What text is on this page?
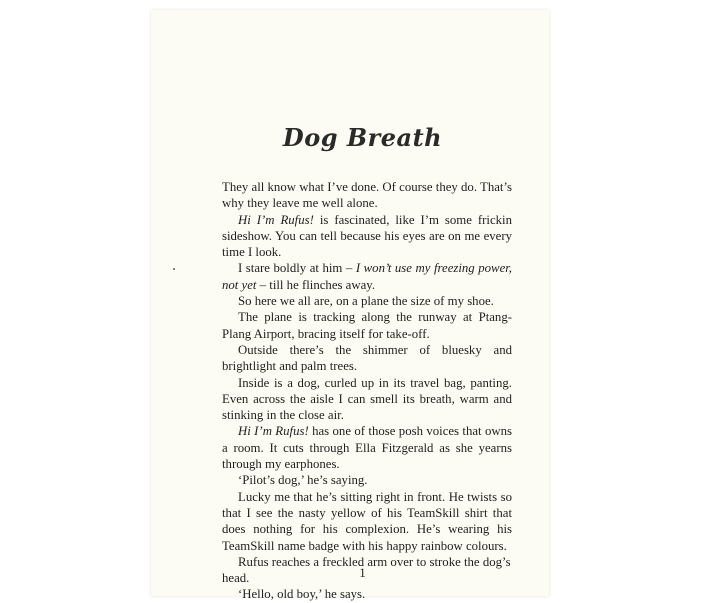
Dog Breath

They all know what I’ve done. Of course they do. That’s why they leave me well alone.

Hi I’m Rufus! is fascinated, like I’m some frickin sideshow. You can tell because his eyes are on me every time I look.

I stare boldly at him – I won’t use my freezing power, not yet – till he flinches away.

So here we all are, on a plane the size of my shoe.

The plane is tracking along the runway at Ptang-Plang Airport, bracing itself for take-off.

Outside there’s the shimmer of bluesky and brightlight and palm trees.

Inside is a dog, curled up in its travel bag, panting. Even across the aisle I can smell its breath, warm and stinking in the close air.

Hi I’m Rufus! has one of those posh voices that owns a room. It cuts through Ella Fitzgerald as she yearns through my earphones.

‘Pilot’s dog,’ he’s saying.

Lucky me that he’s sitting right in front. He twists so that I see the nasty yellow of his TeamSkill shirt that does nothing for his complexion. He’s wearing his TeamSkill name badge with his happy rainbow colours.

Rufus reaches a freckled arm over to stroke the dog’s head.

‘Hello, old boy,’ he says.

1
